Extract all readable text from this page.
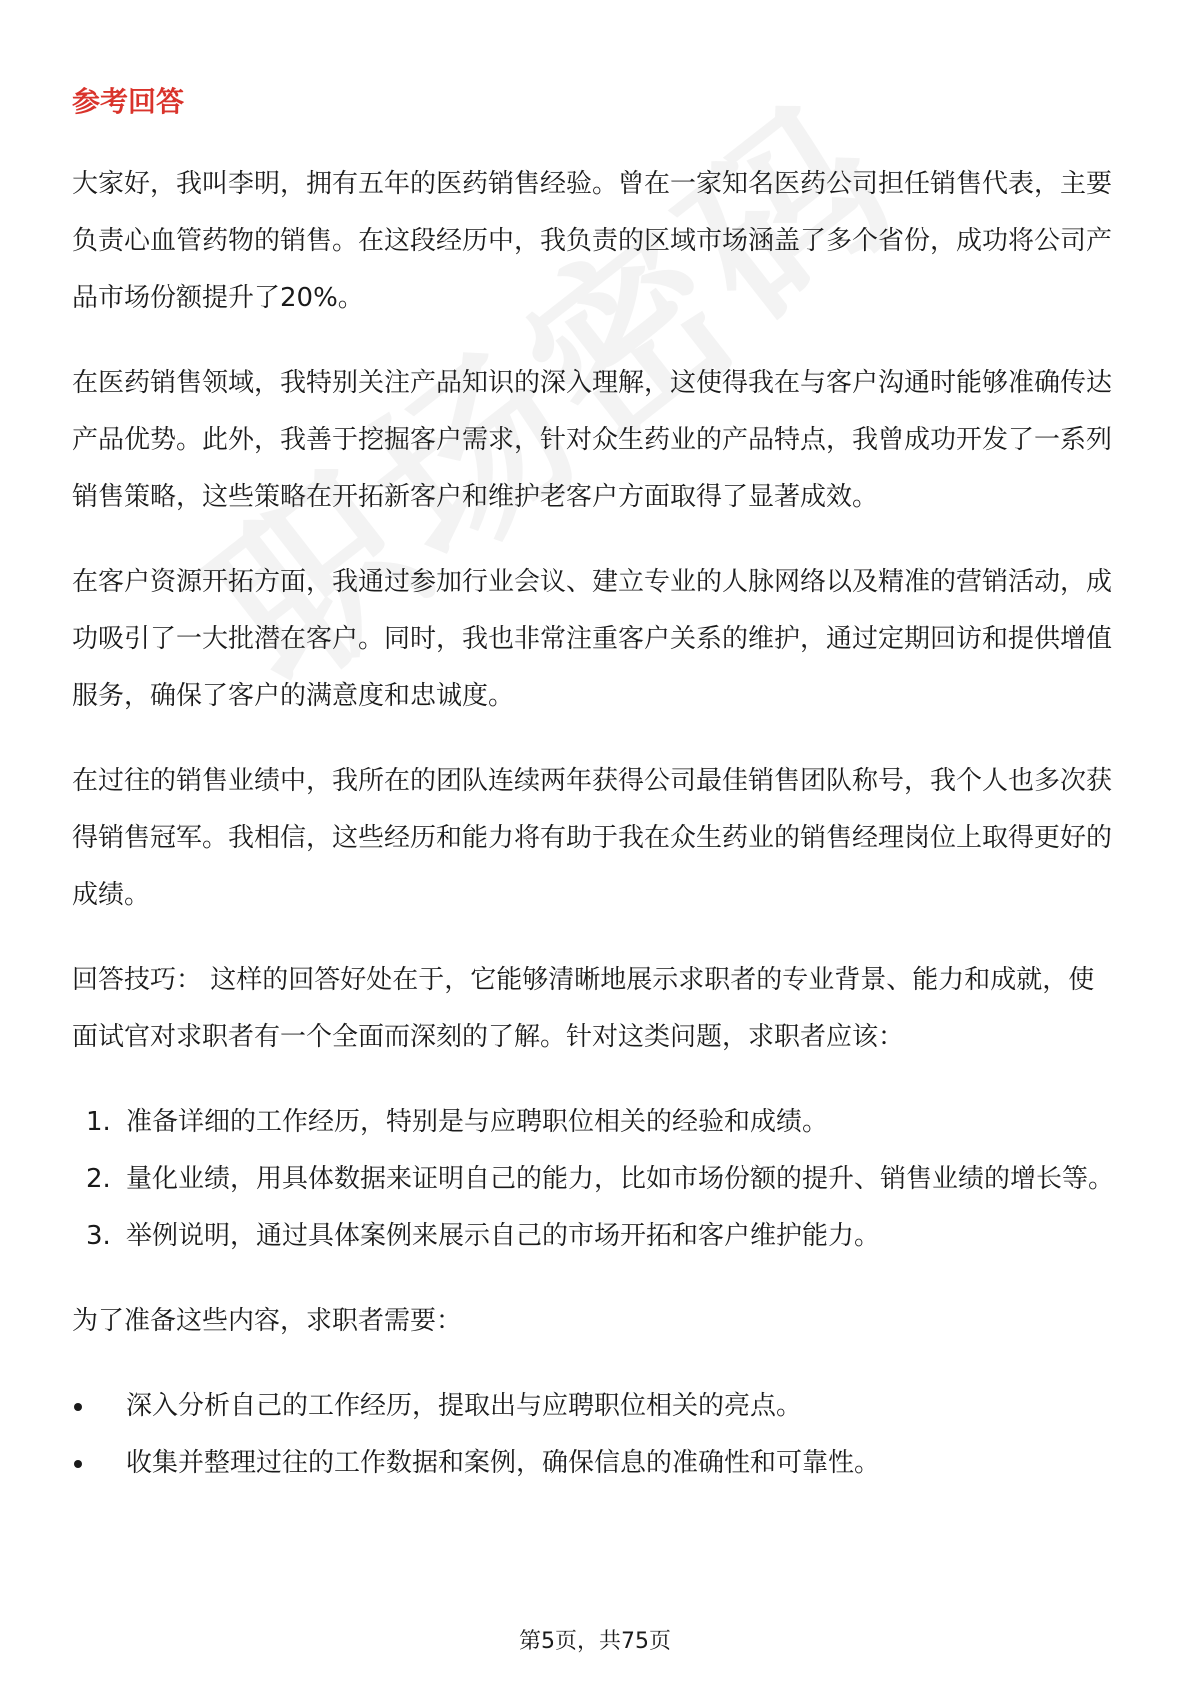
参考回答

大家好，我叫李明，拥有五年的医药销售经验。曾在一家知名医药公司担任销售代表，主要负责心血管药物的销售。在这段经历中，我负责的区域市场涵盖了多个省份，成功将公司产品市场份额提升了20%。

在医药销售领域，我特别关注产品知识的深入理解，这使得我在与客户沟通时能够准确传达产品优势。此外，我善于挖掘客户需求，针对众生药业的产品特点，我曾成功开发了一系列销售策略，这些策略在开拓新客户和维护老客户方面取得了显著成效。

在客户资源开拓方面，我通过参加行业会议、建立专业的人脉网络以及精准的营销活动，成功吸引了一大批潜在客户。同时，我也非常注重客户关系的维护，通过定期回访和提供增值服务，确保了客户的满意度和忠诚度。

在过往的销售业绩中，我所在的团队连续两年获得公司最佳销售团队称号，我个人也多次获得销售冠军。我相信，这些经历和能力将有助于我在众生药业的销售经理岗位上取得更好的成绩。

回答技巧： 这样的回答好处在于，它能够清晰地展示求职者的专业背景、能力和成就，使面试官对求职者有一个全面而深刻的了解。针对这类问题，求职者应该：

1. 准备详细的工作经历，特别是与应聘职位相关的经验和成绩。
2. 量化业绩，用具体数据来证明自己的能力，比如市场份额的提升、销售业绩的增长等。
3. 举例说明，通过具体案例来展示自己的市场开拓和客户维护能力。

为了准备这些内容，求职者需要：

深入分析自己的工作经历，提取出与应聘职位相关的亮点。
收集并整理过往的工作数据和案例，确保信息的准确性和可靠性。
第5页，共75页
